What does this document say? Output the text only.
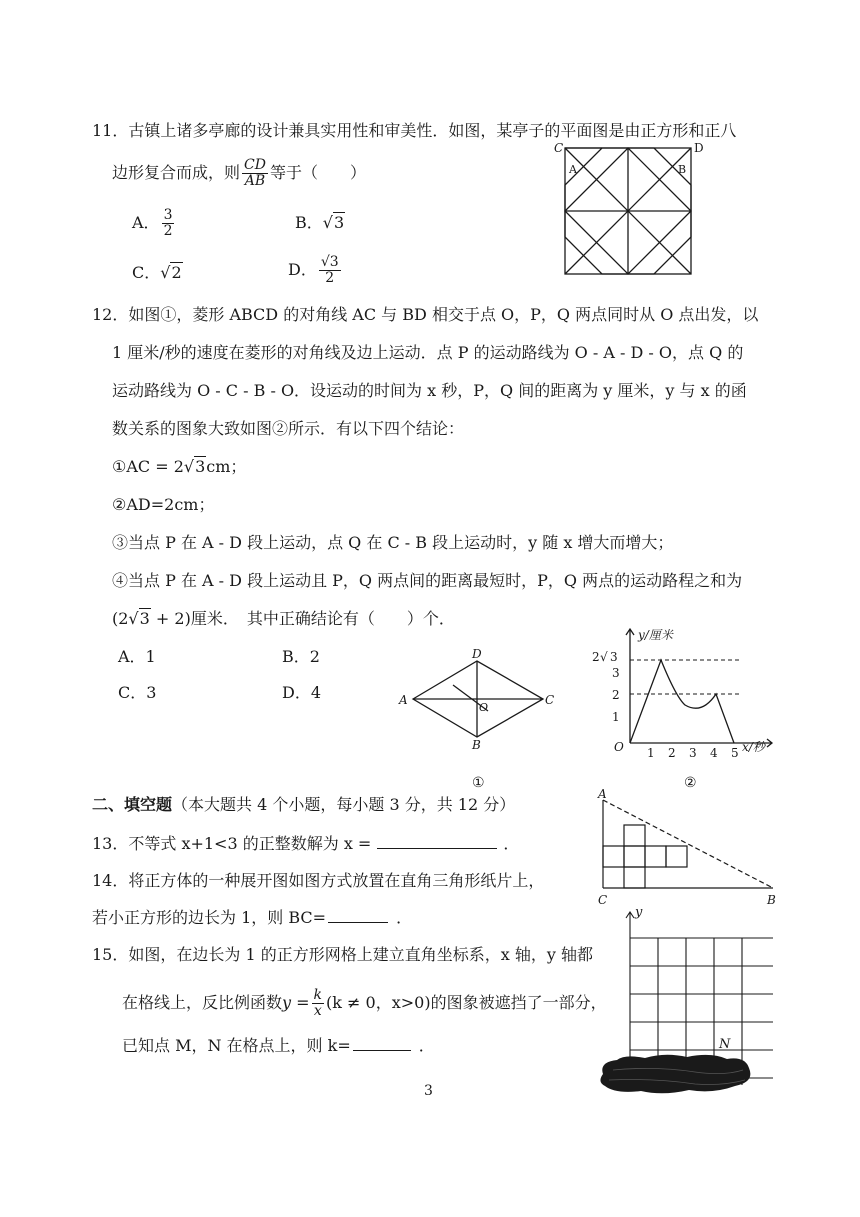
11．古镇上诸多亭廊的设计兼具实用性和审美性．如图，某亭子的平面图是由正方形和正八
边形复合而成，则 $\frac{CD}{AB}$ 等于（　　）
A． $\frac{3}{2}$	B．√3
C．√2	D． $\frac{√3}{2}$
C	D
A	B
12．如图①，菱形 ABCD 的对角线 AC 与 BD 相交于点 O，P，Q 两点同时从 O 点出发，以
1 厘米/秒的速度在菱形的对角线及边上运动．点 P 的运动路线为 O - A - D - O，点 Q 的
运动路线为 O - C - B - O．设运动的时间为 x 秒，P，Q 间的距离为 y 厘米，y 与 x 的函
数关系的图象大致如图②所示．有以下四个结论：
①AC = 2√3cm；
②AD=2cm；
③当点 P 在 A - D 段上运动，点 Q 在 C - B 段上运动时，y 随 x 增大而增大；
④当点 P 在 A - D 段上运动且 P，Q 两点间的距离最短时，P，Q 两点的运动路程之和为
(2√3 + 2)厘米．　其中正确结论有（　　）个．
A．1	B．2
C．3	D．4	A
B
C
D
O
①
y/厘米
2 √ 3
3
2
1
O 1 2 3 4 5 x/秒
②
二、填空题（本大题共 4 个小题，每小题 3 分，共 12 分）
13．不等式 x+1<3 的正整数解为 x =	．
14．将正方体的一种展开图如图方式放置在直角三角形纸片上，
若小正方形的边长为 1，则 BC=	．
A
C	B
15．如图，在边长为 1 的正方形网格上建立直角坐标系，x 轴，y 轴都
在格线上，反比例函数$y = \frac{k}{x} (k \ne 0$，x>0)的图象被遮挡了一部分，
已知点 M，N 在格点上，则 k=	．
y
N
3
